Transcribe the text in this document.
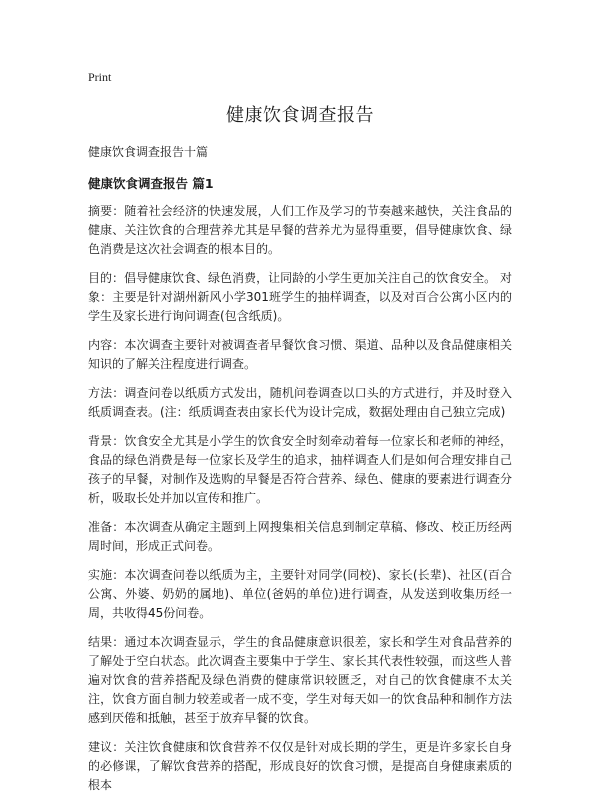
Print
健康饮食调查报告
健康饮食调查报告十篇
健康饮食调查报告 篇1

摘要：随着社会经济的快速发展，人们工作及学习的节奏越来越快，关注食品的健康、关注饮食的合理营养尤其是早餐的营养尤为显得重要，倡导健康饮食、绿色消费是这次社会调查的根本目的。

目的：倡导健康饮食、绿色消费，让同龄的小学生更加关注自己的饮食安全。 对象：主要是针对湖州新风小学301班学生的抽样调查，以及对百合公寓小区内的学生及家长进行询问调查(包含纸质)。

内容：本次调查主要针对被调查者早餐饮食习惯、渠道、品种以及食品健康相关知识的了解关注程度进行调查。

方法：调查问卷以纸质方式发出，随机问卷调查以口头的方式进行，并及时登入纸质调查表。(注：纸质调查表由家长代为设计完成，数据处理由自己独立完成)

背景：饮食安全尤其是小学生的饮食安全时刻牵动着每一位家长和老师的神经，食品的绿色消费是每一位家长及学生的追求，抽样调查人们是如何合理安排自己孩子的早餐，对制作及选购的早餐是否符合营养、绿色、健康的要素进行调查分析，吸取长处并加以宣传和推广。

准备：本次调查从确定主题到上网搜集相关信息到制定草稿、修改、校正历经两周时间，形成正式问卷。

实施：本次调查问卷以纸质为主，主要针对同学(同校)、家长(长辈)、社区(百合公寓、外婆、奶奶的属地)、单位(爸妈的单位)进行调查，从发送到收集历经一周，共收得45份问卷。

结果：通过本次调查显示，学生的食品健康意识很差，家长和学生对食品营养的了解处于空白状态。此次调查主要集中于学生、家长其代表性较强，而这些人普遍对饮食的营养搭配及绿色消费的健康常识较匮乏，对自己的饮食健康不太关注，饮食方面自制力较差或者一成不变，学生对每天如一的饮食品种和制作方法感到厌倦和抵触，甚至于放弃早餐的饮食。

建议：关注饮食健康和饮食营养不仅仅是针对成长期的学生，更是许多家长自身的必修课，了解饮食营养的搭配，形成良好的饮食习惯，是提高自身健康素质的根本
